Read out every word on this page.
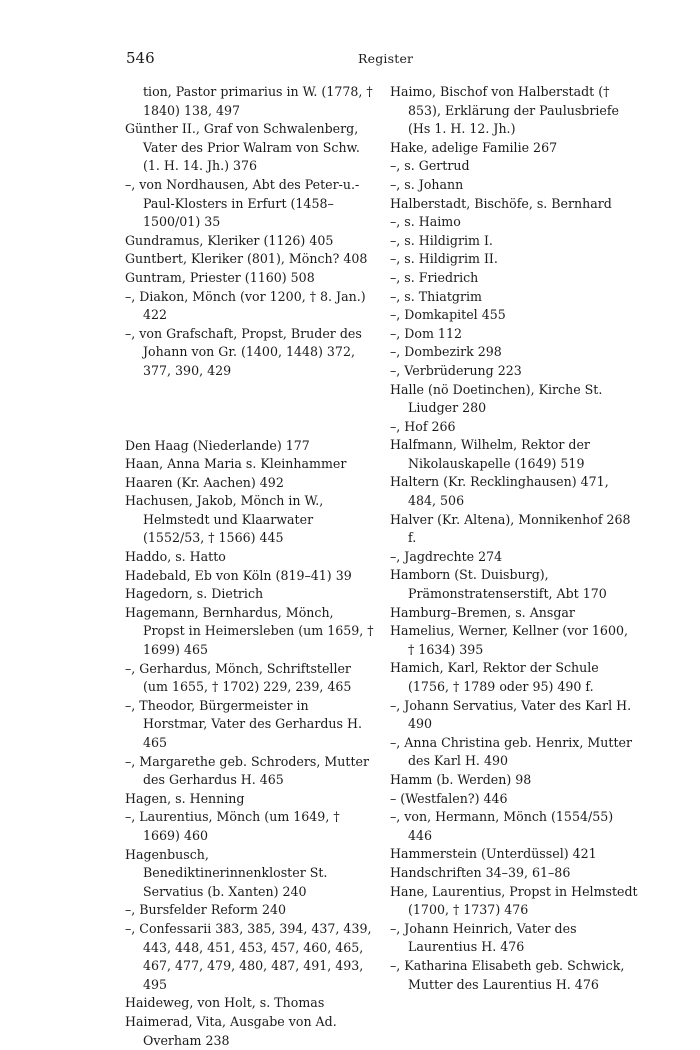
546	Register

tion, Pastor primarius in W. (1778, † 1840) 138, 497

Günther II., Graf von Schwalenberg, Vater des Prior Walram von Schw. (1. H. 14. Jh.) 376

–, von Nordhausen, Abt des Peter-u.-Paul-Klosters in Erfurt (1458–1500/01) 35

Gundramus, Kleriker (1126) 405

Guntbert, Kleriker (801), Mönch? 408

Guntram, Priester (1160) 508

–, Diakon, Mönch (vor 1200, † 8. Jan.) 422

–, von Grafschaft, Propst, Bruder des Johann von Gr. (1400, 1448) 372, 377, 390, 429

Den Haag (Niederlande) 177

Haan, Anna Maria s. Kleinhammer

Haaren (Kr. Aachen) 492

Hachusen, Jakob, Mönch in W., Helmstedt und Klaarwater (1552/53, † 1566) 445

Haddo, s. Hatto

Hadebald, Eb von Köln (819–41) 39

Hagedorn, s. Dietrich

Hagemann, Bernhardus, Mönch, Propst in Heimersleben (um 1659, † 1699) 465

–, Gerhardus, Mönch, Schriftsteller (um 1655, † 1702) 229, 239, 465

–, Theodor, Bürgermeister in Horstmar, Vater des Gerhardus H. 465

–, Margarethe geb. Schroders, Mutter des Gerhardus H. 465

Hagen, s. Henning

–, Laurentius, Mönch (um 1649, † 1669) 460

Hagenbusch, Benediktinerinnenkloster St. Servatius (b. Xanten) 240

–, Bursfelder Reform 240

–, Confessarii 383, 385, 394, 437, 439, 443, 448, 451, 453, 457, 460, 465, 467, 477, 479, 480, 487, 491, 493, 495

Haideweg, von Holt, s. Thomas

Haimerad, Vita, Ausgabe von Ad. Overham 238

Haimo, Bischof von Halberstadt († 853), Erklärung der Paulusbriefe (Hs 1. H. 12. Jh.)

Hake, adelige Familie 267

–, s. Gertrud

–, s. Johann

Halberstadt, Bischöfe, s. Bernhard

–, s. Haimo

–, s. Hildigrim I.

–, s. Hildigrim II.

–, s. Friedrich

–, s. Thiatgrim

–, Domkapitel 455

–, Dom 112

–, Dombezirk 298

–, Verbrüderung 223

Halle (nö Doetinchen), Kirche St. Liudger 280

–, Hof 266

Halfmann, Wilhelm, Rektor der Nikolauskapelle (1649) 519

Haltern (Kr. Recklinghausen) 471, 484, 506

Halver (Kr. Altena), Monnikenhof 268 f.

–, Jagdrechte 274

Hamborn (St. Duisburg), Prämonstratenserstift, Abt 170

Hamburg–Bremen, s. Ansgar

Hamelius, Werner, Kellner (vor 1600, † 1634) 395

Hamich, Karl, Rektor der Schule (1756, † 1789 oder 95) 490 f.

–, Johann Servatius, Vater des Karl H. 490

–, Anna Christina geb. Henrix, Mutter des Karl H. 490

Hamm (b. Werden) 98

– (Westfalen?) 446

–, von, Hermann, Mönch (1554/55) 446

Hammerstein (Unterdüssel) 421

Handschriften 34–39, 61–86

Hane, Laurentius, Propst in Helmstedt (1700, † 1737) 476

–, Johann Heinrich, Vater des Laurentius H. 476

–, Katharina Elisabeth geb. Schwick, Mutter des Laurentius H. 476
